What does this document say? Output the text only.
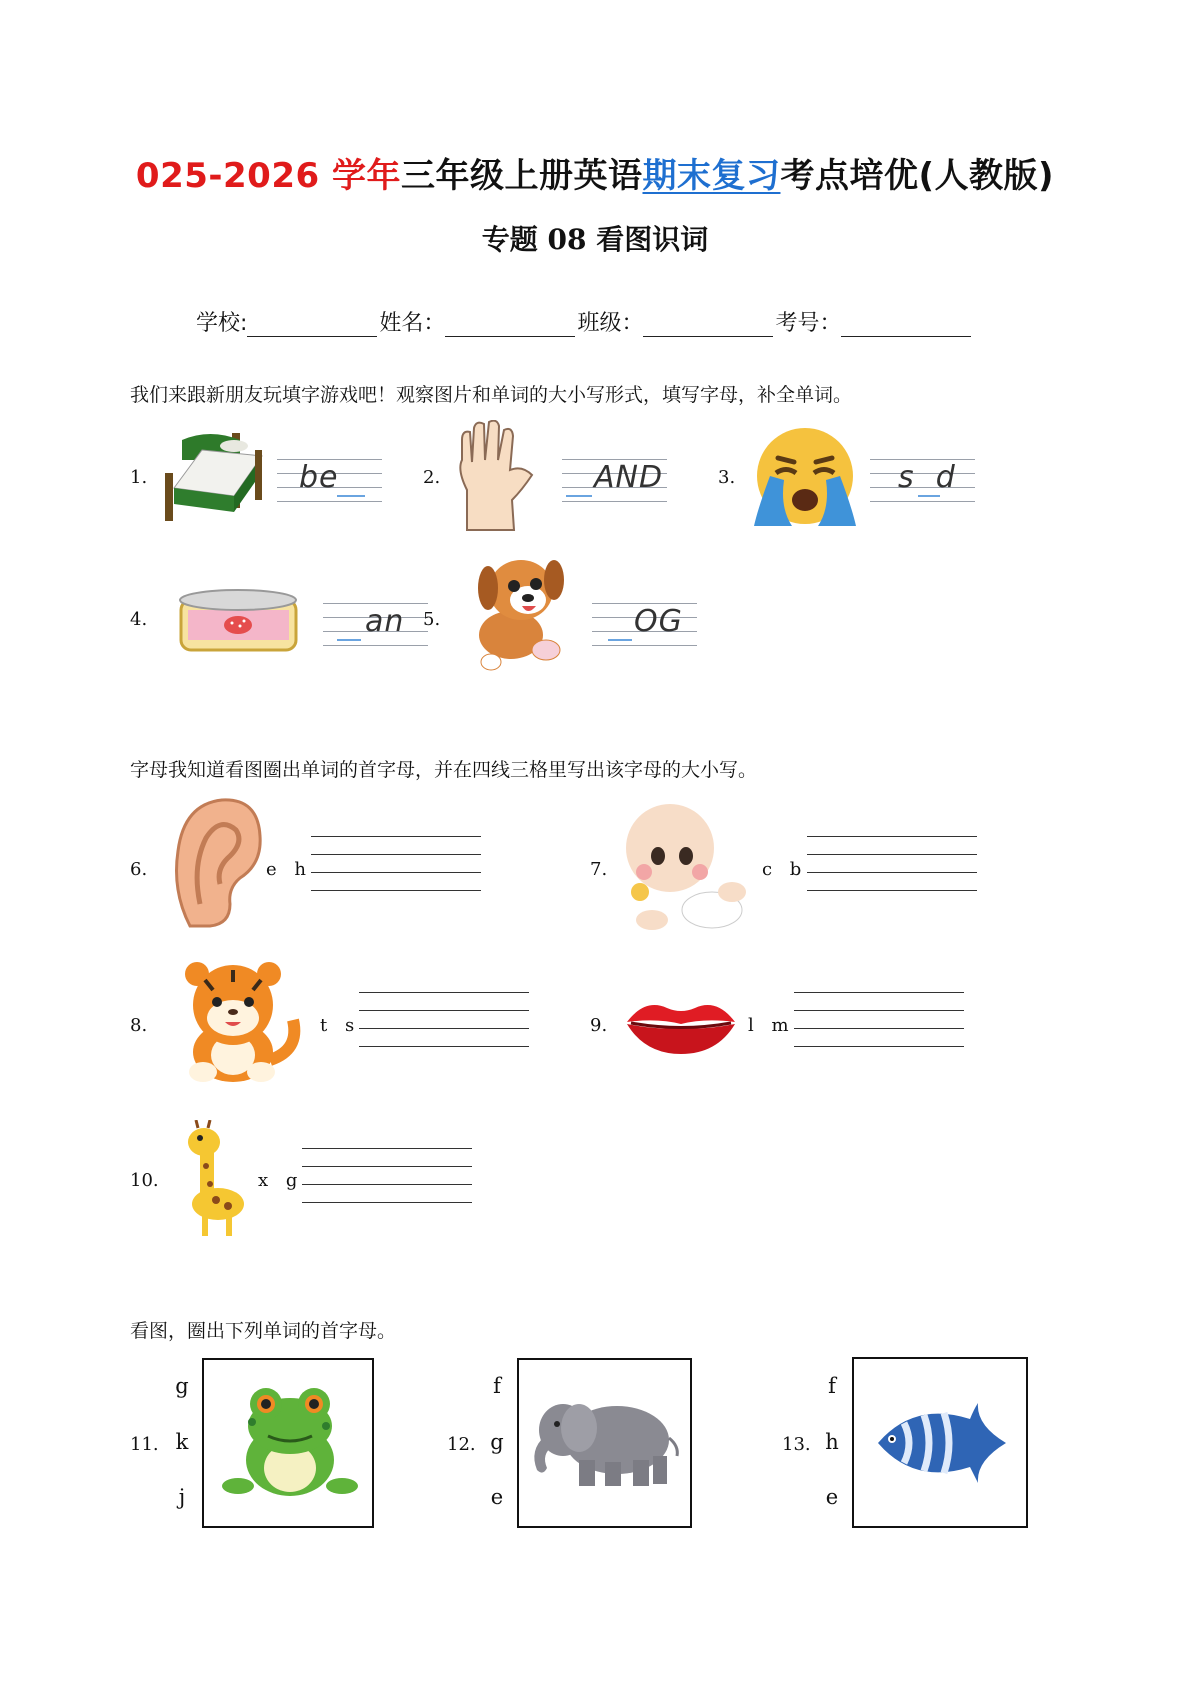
025-2026 学年三年级上册英语期末复习考点培优(人教版)
专题 08 看图识词
学校:	姓名：	班级：	考号：
我们来跟新朋友玩填字游戏吧！观察图片和单词的大小写形式，填写字母，补全单词。
1.	be	2.	AND	3.	s  d
4.	an	5.	OG
字母我知道看图圈出单词的首字母，并在四线三格里写出该字母的大小写。
6.	e h	7.	c b
8.	t s	9.	l m
10.	x g
看图，圈出下列单词的首字母。
11.
g
k
j
12.
f
g
e
13.
f
h
e
